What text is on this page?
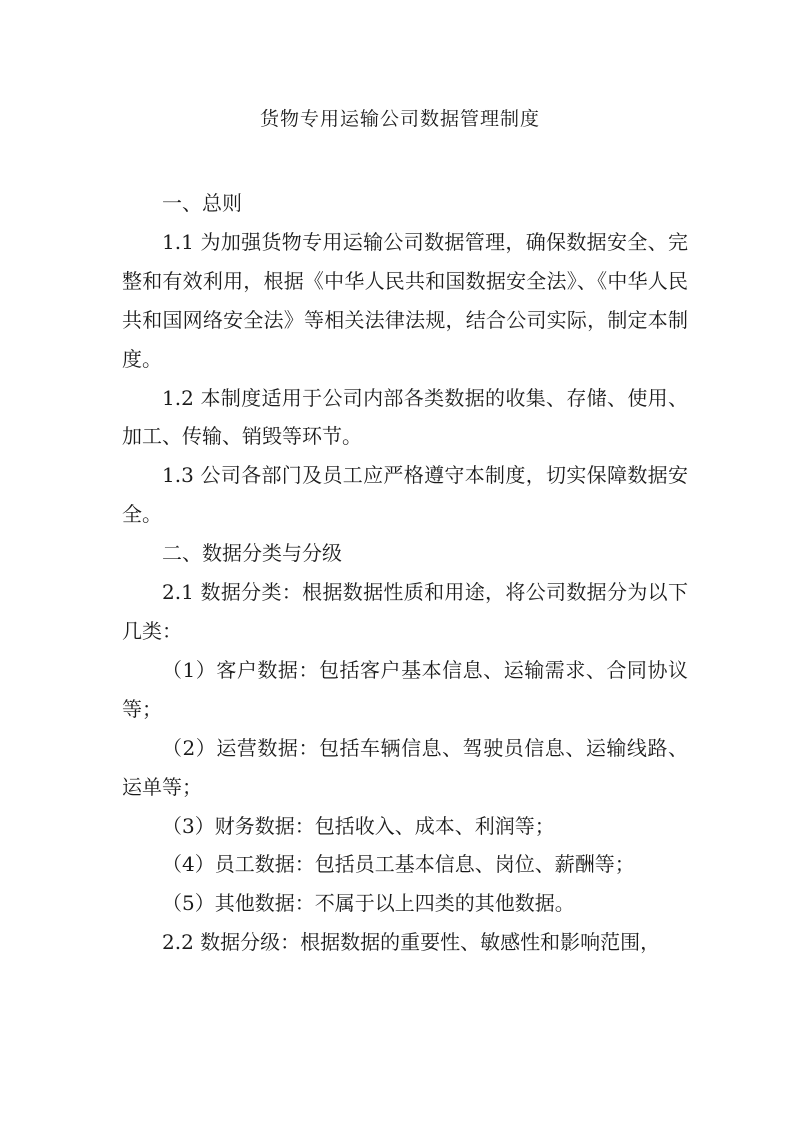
货物专用运输公司数据管理制度

一、总则

1.1 为加强货物专用运输公司数据管理，确保数据安全、完整和有效利用，根据《中华人民共和国数据安全法》、《中华人民共和国网络安全法》等相关法律法规，结合公司实际，制定本制度。

1.2 本制度适用于公司内部各类数据的收集、存储、使用、加工、传输、销毁等环节。

1.3 公司各部门及员工应严格遵守本制度，切实保障数据安全。

二、数据分类与分级

2.1 数据分类：根据数据性质和用途，将公司数据分为以下几类：

（1）客户数据：包括客户基本信息、运输需求、合同协议等；

（2）运营数据：包括车辆信息、驾驶员信息、运输线路、运单等；

（3）财务数据：包括收入、成本、利润等；

（4）员工数据：包括员工基本信息、岗位、薪酬等；

（5）其他数据：不属于以上四类的其他数据。

2.2 数据分级：根据数据的重要性、敏感性和影响范围，
